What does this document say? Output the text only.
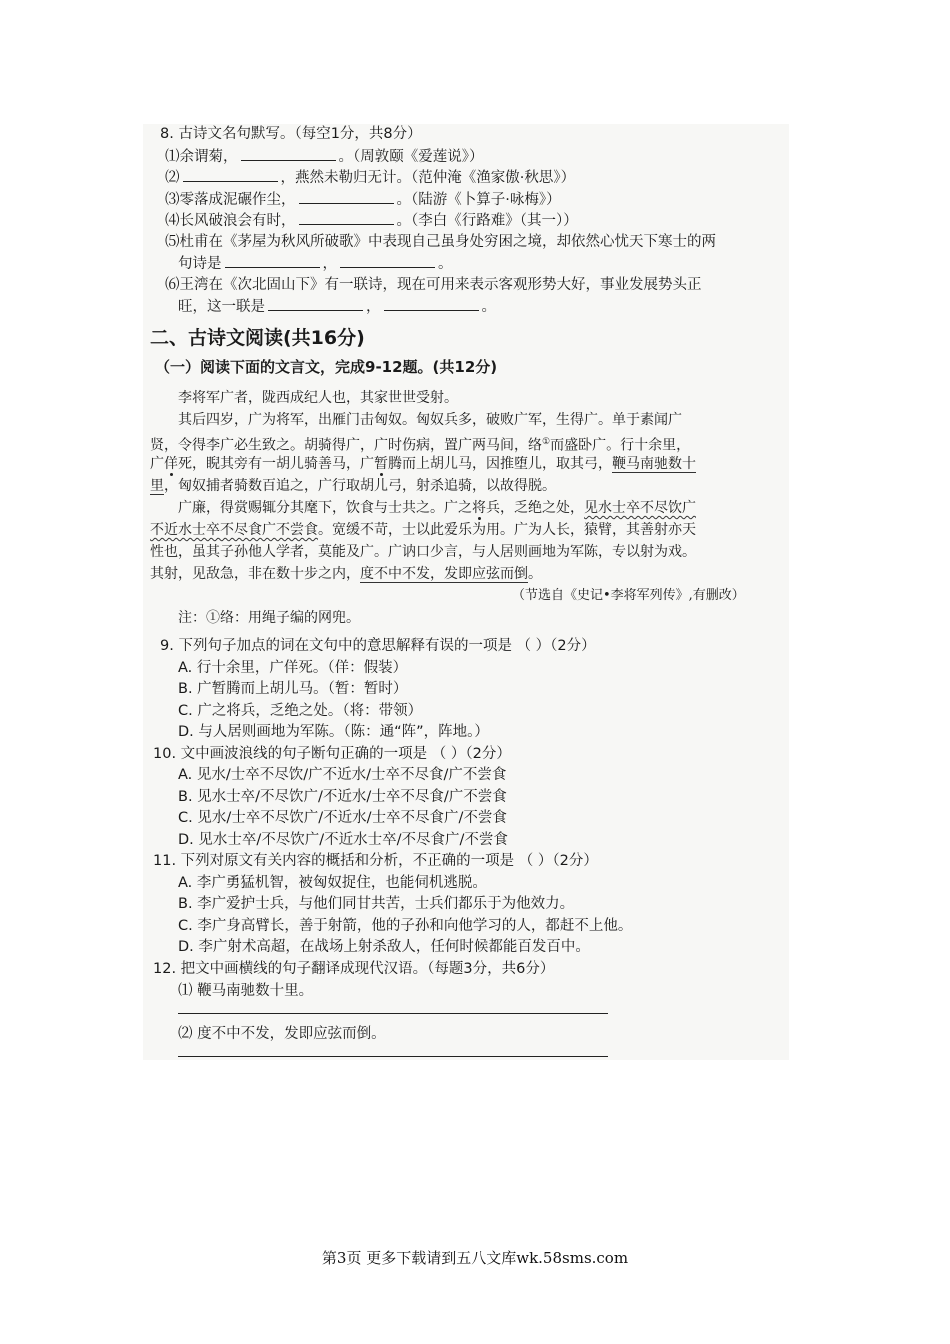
8. 古诗文名句默写。（每空1分，共8分）
⑴余谓菊，	。（周敦颐《爱莲说》）
⑵	，燕然未勒归无计。（范仲淹《渔家傲·秋思》）
⑶零落成泥碾作尘，	。（陆游《卜算子·咏梅》）
⑷长风破浪会有时，	。（李白《行路难》（其一））
⑸杜甫在《茅屋为秋风所破歌》中表现自己虽身处穷困之境，却依然心忧天下寒士的两
句诗是	，	。
⑹王湾在《次北固山下》有一联诗，现在可用来表示客观形势大好，事业发展势头正
旺，这一联是	，	。
二、古诗文阅读(共16分)
（一）阅读下面的文言文，完成9-12题。(共12分)
李将军广者，陇西成纪人也，其家世世受射。
其后四岁，广为将军，出雁门击匈奴。匈奴兵多，破败广军，生得广。单于素闻广
贤，令得李广必生致之。胡骑得广，广时伤病，置广两马间，络①而盛卧广。行十余里，
广佯死，睨其旁有一胡儿骑善马，广暂腾而上胡儿马，因推堕儿，取其弓，鞭马南驰数十
里，匈奴捕者骑数百追之，广行取胡儿弓，射杀追骑，以故得脱。
广廉，得赏赐辄分其麾下，饮食与士共之。广之将兵，乏绝之处，见水士卒不尽饮广
不近水士卒不尽食广不尝食。宽缓不苛，士以此爱乐为用。广为人长，猿臂，其善射亦天
性也，虽其子孙他人学者，莫能及广。广讷口少言，与人居则画地为军陈，专以射为戏。
其射，见敌急，非在数十步之内，度不中不发，发即应弦而倒。
（节选自《史记•李将军列传》,有删改）
注：①络：用绳子编的网兜。
9. 下列句子加点的词在文句中的意思解释有误的一项是 （ ）（2分）
A. 行十余里，广佯死。（佯：假装）
B. 广暂腾而上胡儿马。（暂：暂时）
C. 广之将兵，乏绝之处。（将：带领）
D. 与人居则画地为军陈。（陈：通“阵”，阵地。）
10. 文中画波浪线的句子断句正确的一项是 （ ）（2分）
A. 见水/士卒不尽饮/广不近水/士卒不尽食/广不尝食
B. 见水士卒/不尽饮广/不近水/士卒不尽食/广不尝食
C. 见水/士卒不尽饮广/不近水/士卒不尽食广/不尝食
D. 见水士卒/不尽饮广/不近水士卒/不尽食广/不尝食
11. 下列对原文有关内容的概括和分析，不正确的一项是 （ ）（2分）
A. 李广勇猛机智，被匈奴捉住，也能伺机逃脱。
B. 李广爱护士兵，与他们同甘共苦，士兵们都乐于为他效力。
C. 李广身高臂长，善于射箭，他的子孙和向他学习的人，都赶不上他。
D. 李广射术高超，在战场上射杀敌人，任何时候都能百发百中。
12. 把文中画横线的句子翻译成现代汉语。（每题3分，共6分）
⑴ 鞭马南驰数十里。
⑵ 度不中不发，发即应弦而倒。
第3页 更多下载请到五八文库wk.58sms.com
